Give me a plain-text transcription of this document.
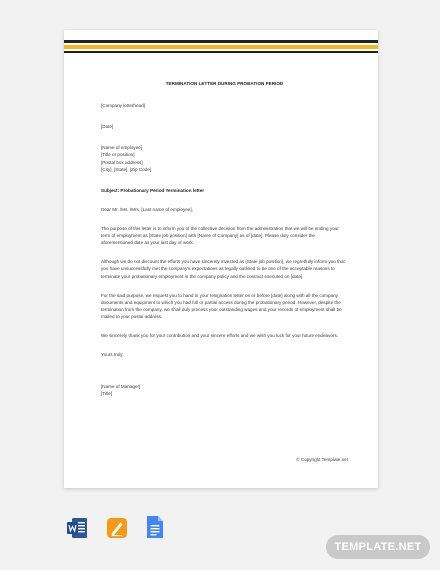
TERMINATION LETTER DURING PROBATION PERIOD

[Company letterhead]

[Date]

[Name of employee]

[Title or position]

[Postal box address]

[City], [State], [Zip Code]

Subject: Probationary Period Termination letter

Dear Mr. /Ms. /Mrs. [Last name of employee],

The purpose of this letter is to inform you of the collective decision from the administration that we will be ending your term of employment as [State job position] with [Name of Company] as of [date]. Please duly consider the aforementioned date as your last day of work.

Although we do not discount the efforts you have sincerely invested as [State job position], we regretfully inform you that you have unsuccessfully met the company's expectations as legally outlined to be one of the acceptable reasons to terminate your probationary employment in the company policy and the contract executed on [date].

For the said purpose, we request you to hand in your resignation letter on or before [date] along with all the company documents and equipment to which you had full or partial access during the probationary period. However, despite the termination from the company, we shall duly process your outstanding wages and your records of employment shall be mailed to your postal address.

We sincerely thank you for your contribution and your sincere efforts and we wish you luck for your future endeavors.

Yours truly,

[Name of Manager]

[Title]

© Copyright Template.net
TEMPLATE.NET
